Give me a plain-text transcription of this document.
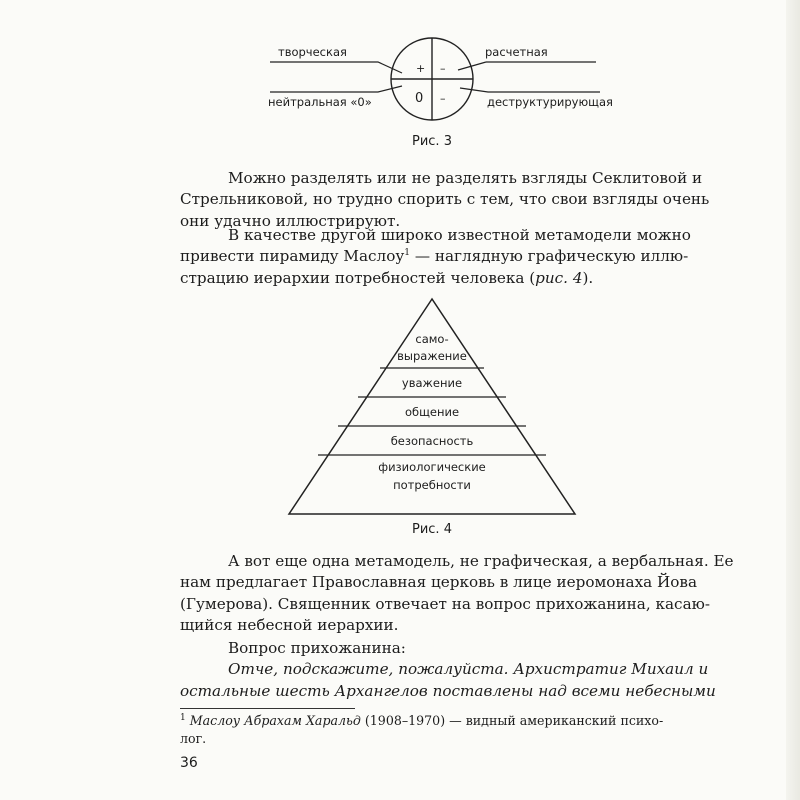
творческая	расчетная
нейтральная «0»	деструктурирующая
+ –
0 –
само-
выражение
уважение
общение
безопасность
физиологические
потребности
Рис. 3

Можно разделять или не разделять взгляды Секлитовой и
Стрельниковой, но трудно спорить с тем, что свои взгляды очень
они удачно иллюстрируют.

В качестве другой широко известной метамодели можно
привести пирамиду Маслоу$^1$ — наглядную графическую иллю-
страцию иерархии потребностей человека (рис. 4).

Рис. 4

А вот еще одна метамодель, не графическая, а вербальная. Ее
нам предлагает Православная церковь в лице иеромонаха Йова
(Гумерова). Священник отвечает на вопрос прихожанина, касаю-
щийся небесной иерархии.

Вопрос прихожанина:
Отче, подскажите, пожалуйста. Архистратиг Михаил и
остальные шесть Архангелов поставлены над всеми небесными

$^1$ Маслоу Абрахам Харальд (1908–1970) — видный американский психо-
лог.
36
